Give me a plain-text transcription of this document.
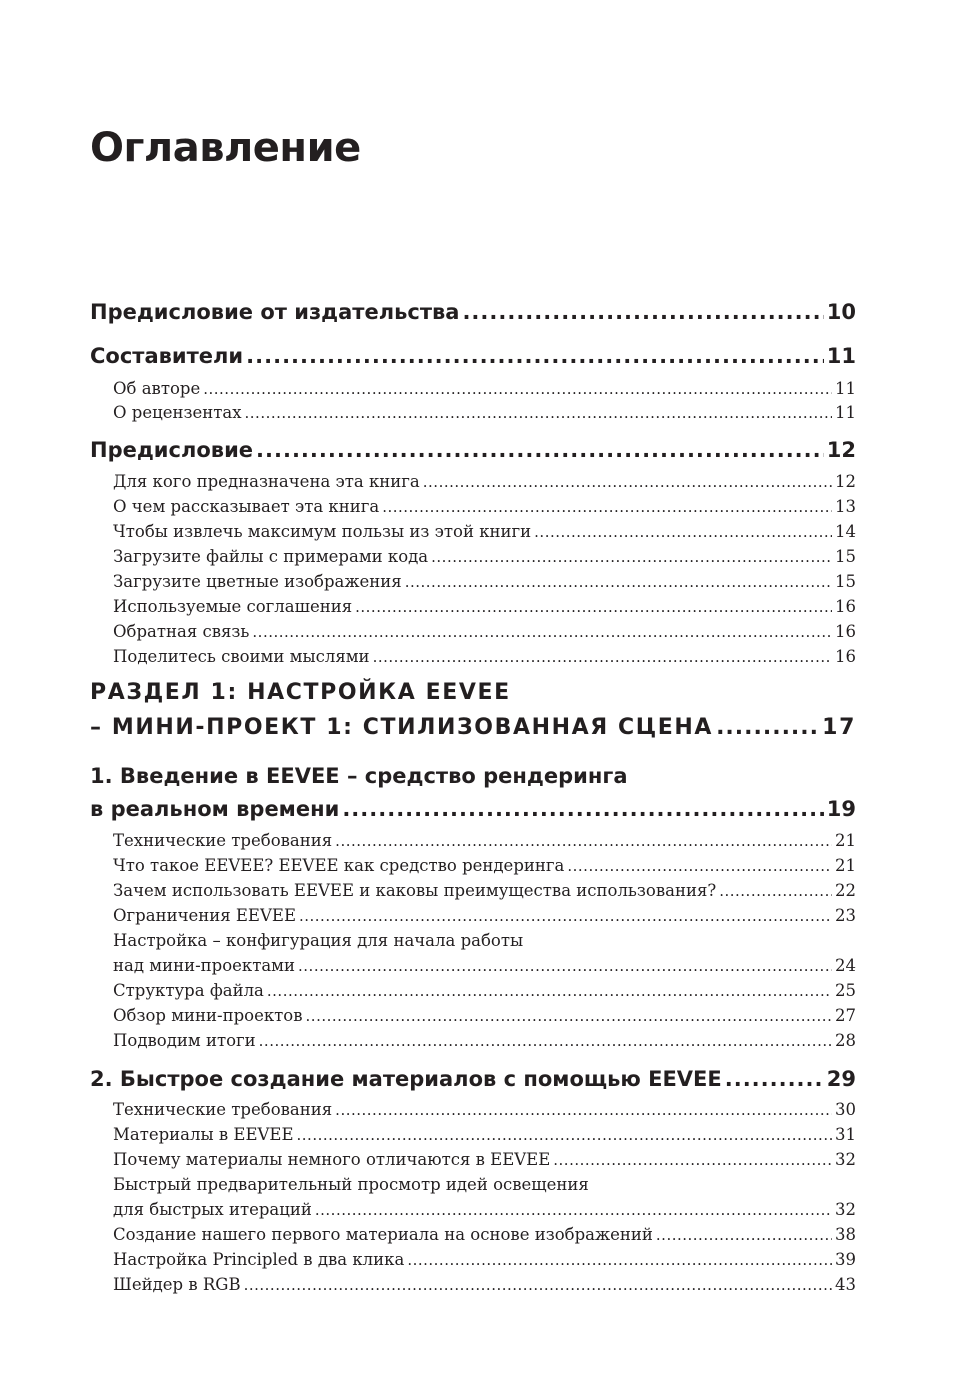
Оглавление
Предисловие от издательства .....	10
Составители .....	11
Об авторе .....	11
О рецензентах .....	11
Предисловие .....	12
Для кого предназначена эта книга .....	12
О чем рассказывает эта книга .....	13
Чтобы извлечь максимум пользы из этой книги .....	14
Загрузите файлы с примерами кода .....	15
Загрузите цветные изображения .....	15
Используемые соглашения .....	16
Обратная связь .....	16
Поделитесь своими мыслями .....	16
РАЗДЕЛ 1: НАСТРОЙКА EEVEE
– МИНИ-ПРОЕКТ 1: СТИЛИЗОВАННАЯ СЦЕНА .....	17
1. Введение в EEVEE – средство рендеринга
в реальном времени .....	19
Технические требования .....	21
Что такое EEVEE? EEVEE как средство рендеринга .....	21
Зачем использовать EEVEE и каковы преимущества использования? .....	22
Ограничения EEVEE .....	23
Настройка – конфигурация для начала работы
над мини-проектами .....	24
Структура файла .....	25
Обзор мини-проектов .....	27
Подводим итоги .....	28
2. Быстрое создание материалов с помощью EEVEE .....	29
Технические требования .....	30
Материалы в EEVEE .....	31
Почему материалы немного отличаются в EEVEE .....	32
Быстрый предварительный просмотр идей освещения
для быстрых итераций .....	32
Создание нашего первого материала на основе изображений .....	38
Настройка Principled в два клика .....	39
Шейдер в RGB .....	43
